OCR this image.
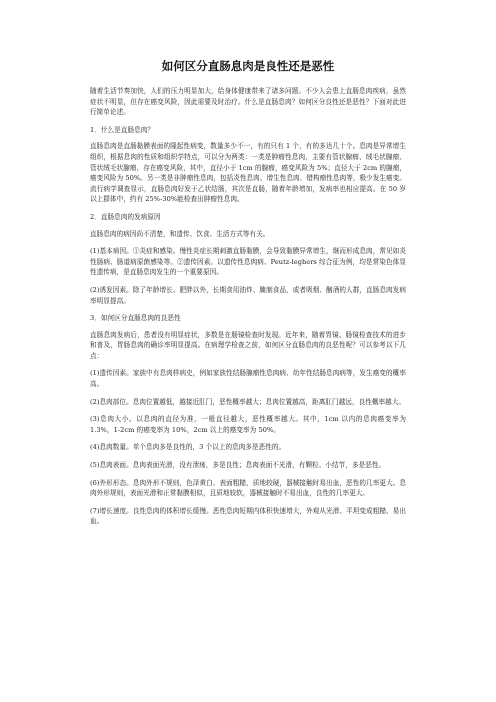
如何区分直肠息肉是良性还是恶性

随着生活节奏加快，人们的压力明显加大，给身体健康带来了诸多问题。不少人会患上直肠息肉疾病，虽然症状不明显，但存在癌变风险，因此需要及时治疗。什么是直肠息肉？如何区分良性还是恶性？下面对此进行简单论述。

1．什么是直肠息肉？

直肠息肉是直肠黏膜表面的隆起性病变，数量多少不一，有的只有 1 个，有的多达几十个。息肉是异常增生组织，根据息肉的性质和组织学特点，可以分为两类：一类是肿瘤性息肉，主要有管状腺瘤、绒毛状腺瘤、管状绒毛状腺瘤，存在癌变风险，其中，直径小于 1cm 的腺瘤，癌变风险为 5%；直径大于 2cm 的腺瘤，癌变风险为 50%。另一类是非肿瘤性息肉，包括炎性息肉、增生性息肉、错构瘤性息肉等，极少发生癌变。流行病学调查显示，直肠息肉好发于乙状结肠，其次是直肠，随着年龄增加，发病率也相应提高。在 50 岁以上群体中，约有 25%-30%能检查出肿瘤性息肉。

2．直肠息肉的发病原因

直肠息肉的病因尚不清楚，和遗传、饮食、生活方式等有关。

(1)基本病因。①炎症和感染。慢性炎症长期刺激直肠黏膜，会导致黏膜异常增生，继而形成息肉，常见如炎性肠病、肠道病原菌感染等。②遗传因素。以遗传性息肉病、Peutz-leghers 综合征为例，均是常染色体显性遗传病，是直肠息肉发生的一个重要原因。

(2)诱发因素。除了年龄增长、肥胖以外，长期食用油炸、腌制食品，或者吸烟、酗酒的人群，直肠息肉发病率明显提高。

3．如何区分直肠息肉的良恶性

直肠息肉发病后，患者没有明显症状，多数是在肠镜检查时发现。近年来，随着胃镜、肠镜检查技术的进步和普及，胃肠息肉的确诊率明显提高。在病理学检查之前，如何区分直肠息肉的良恶性呢？可以参考以下几点：

(1)遗传因素。家族中有息肉样病史，例如家族性结肠腺瘤性息肉病、幼年性结肠息肉病等，发生癌变的概率高。

(2)息肉部位。息肉位置越低，越接近肛门，恶性概率越大；息肉位置越高，距离肛门越远，良性概率越大。

(3)息肉大小。以息肉的直径为准，一般直径越大，恶性概率越大。其中，1cm 以内的息肉癌变率为 1.3%，1-2cm 的癌变率为 10%，2cm 以上的癌变率为 50%。

(4)息肉数量。单个息肉多是良性的，3 个以上的息肉多是恶性的。

(5)息肉表面。息肉表面光滑，没有溃疡，多是良性；息肉表面不光滑，有颗粒、小结节，多是恶性。

(6)外形形态。息肉外形不规则，色泽黄白、表面粗糙，质地较硬，器械接触时易出血，恶性的几率更大。息肉外形规则，表面光滑和正常黏膜相似，且质地较软，器械接触时不易出血，良性的几率更大。

(7)增长速度。良性息肉的体积增长缓慢。恶性息肉短期内体积快速增大，外观从光滑、平坦变成粗糙、易出血。
